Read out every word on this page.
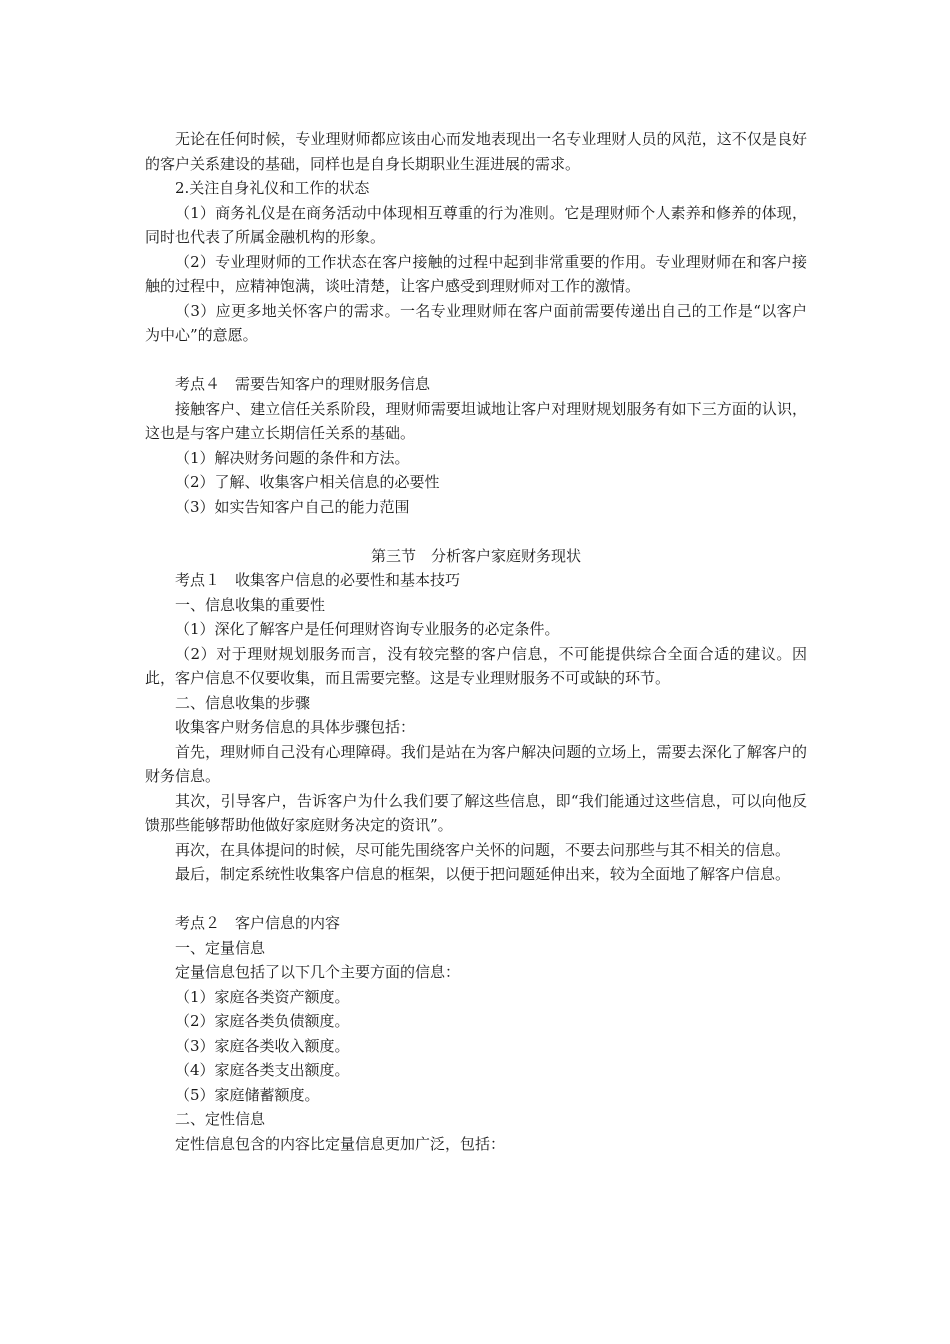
无论在任何时候，专业理财师都应该由心而发地表现出一名专业理财人员的风范，这不仅是良好的客户关系建设的基础，同样也是自身长期职业生涯进展的需求。

2.关注自身礼仪和工作的状态

（1）商务礼仪是在商务活动中体现相互尊重的行为准则。它是理财师个人素养和修养的体现，同时也代表了所属金融机构的形象。

（2）专业理财师的工作状态在客户接触的过程中起到非常重要的作用。专业理财师在和客户接触的过程中，应精神饱满，谈吐清楚，让客户感受到理财师对工作的激情。

（3）应更多地关怀客户的需求。一名专业理财师在客户面前需要传递出自己的工作是“以客户为中心”的意愿。

考点４　需要告知客户的理财服务信息

接触客户、建立信任关系阶段，理财师需要坦诚地让客户对理财规划服务有如下三方面的认识，这也是与客户建立长期信任关系的基础。

（1）解决财务问题的条件和方法。

（2）了解、收集客户相关信息的必要性

（3）如实告知客户自己的能力范围

第三节　分析客户家庭财务现状

考点１　收集客户信息的必要性和基本技巧

一、信息收集的重要性

（1）深化了解客户是任何理财咨询专业服务的必定条件。

（2）对于理财规划服务而言，没有较完整的客户信息，不可能提供综合全面合适的建议。因此，客户信息不仅要收集，而且需要完整。这是专业理财服务不可或缺的环节。

二、信息收集的步骤

收集客户财务信息的具体步骤包括：

首先，理财师自己没有心理障碍。我们是站在为客户解决问题的立场上，需要去深化了解客户的财务信息。

其次，引导客户，告诉客户为什么我们要了解这些信息，即“我们能通过这些信息，可以向他反馈那些能够帮助他做好家庭财务决定的资讯”。

再次，在具体提问的时候，尽可能先围绕客户关怀的问题，不要去问那些与其不相关的信息。

最后，制定系统性收集客户信息的框架，以便于把问题延伸出来，较为全面地了解客户信息。

考点２　客户信息的内容

一、定量信息

定量信息包括了以下几个主要方面的信息：

（1）家庭各类资产额度。

（2）家庭各类负债额度。

（3）家庭各类收入额度。

（4）家庭各类支出额度。

（5）家庭储蓄额度。

二、定性信息

定性信息包含的内容比定量信息更加广泛，包括：
